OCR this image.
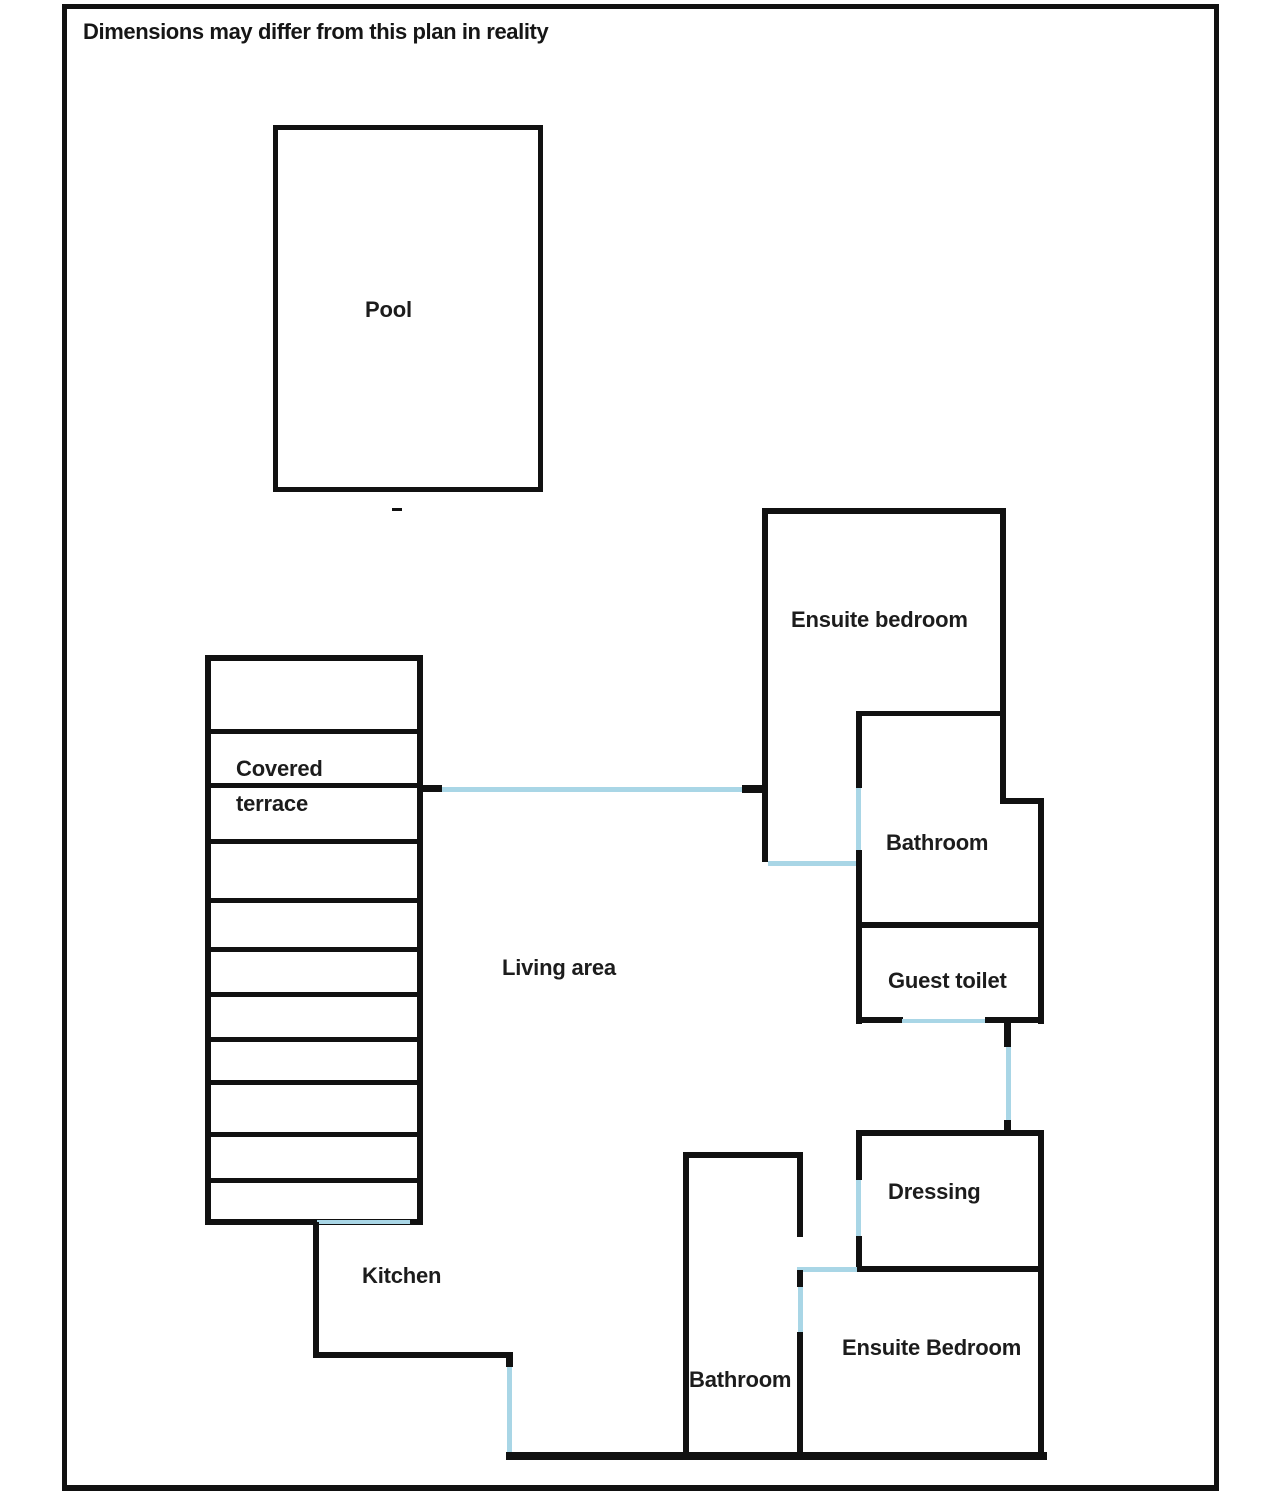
Dimensions may differ from this plan in reality
Pool
Covered
terrace
Ensuite bedroom
Bathroom
Guest toilet
Living area
Dressing
Kitchen
Ensuite Bedroom
Bathroom
